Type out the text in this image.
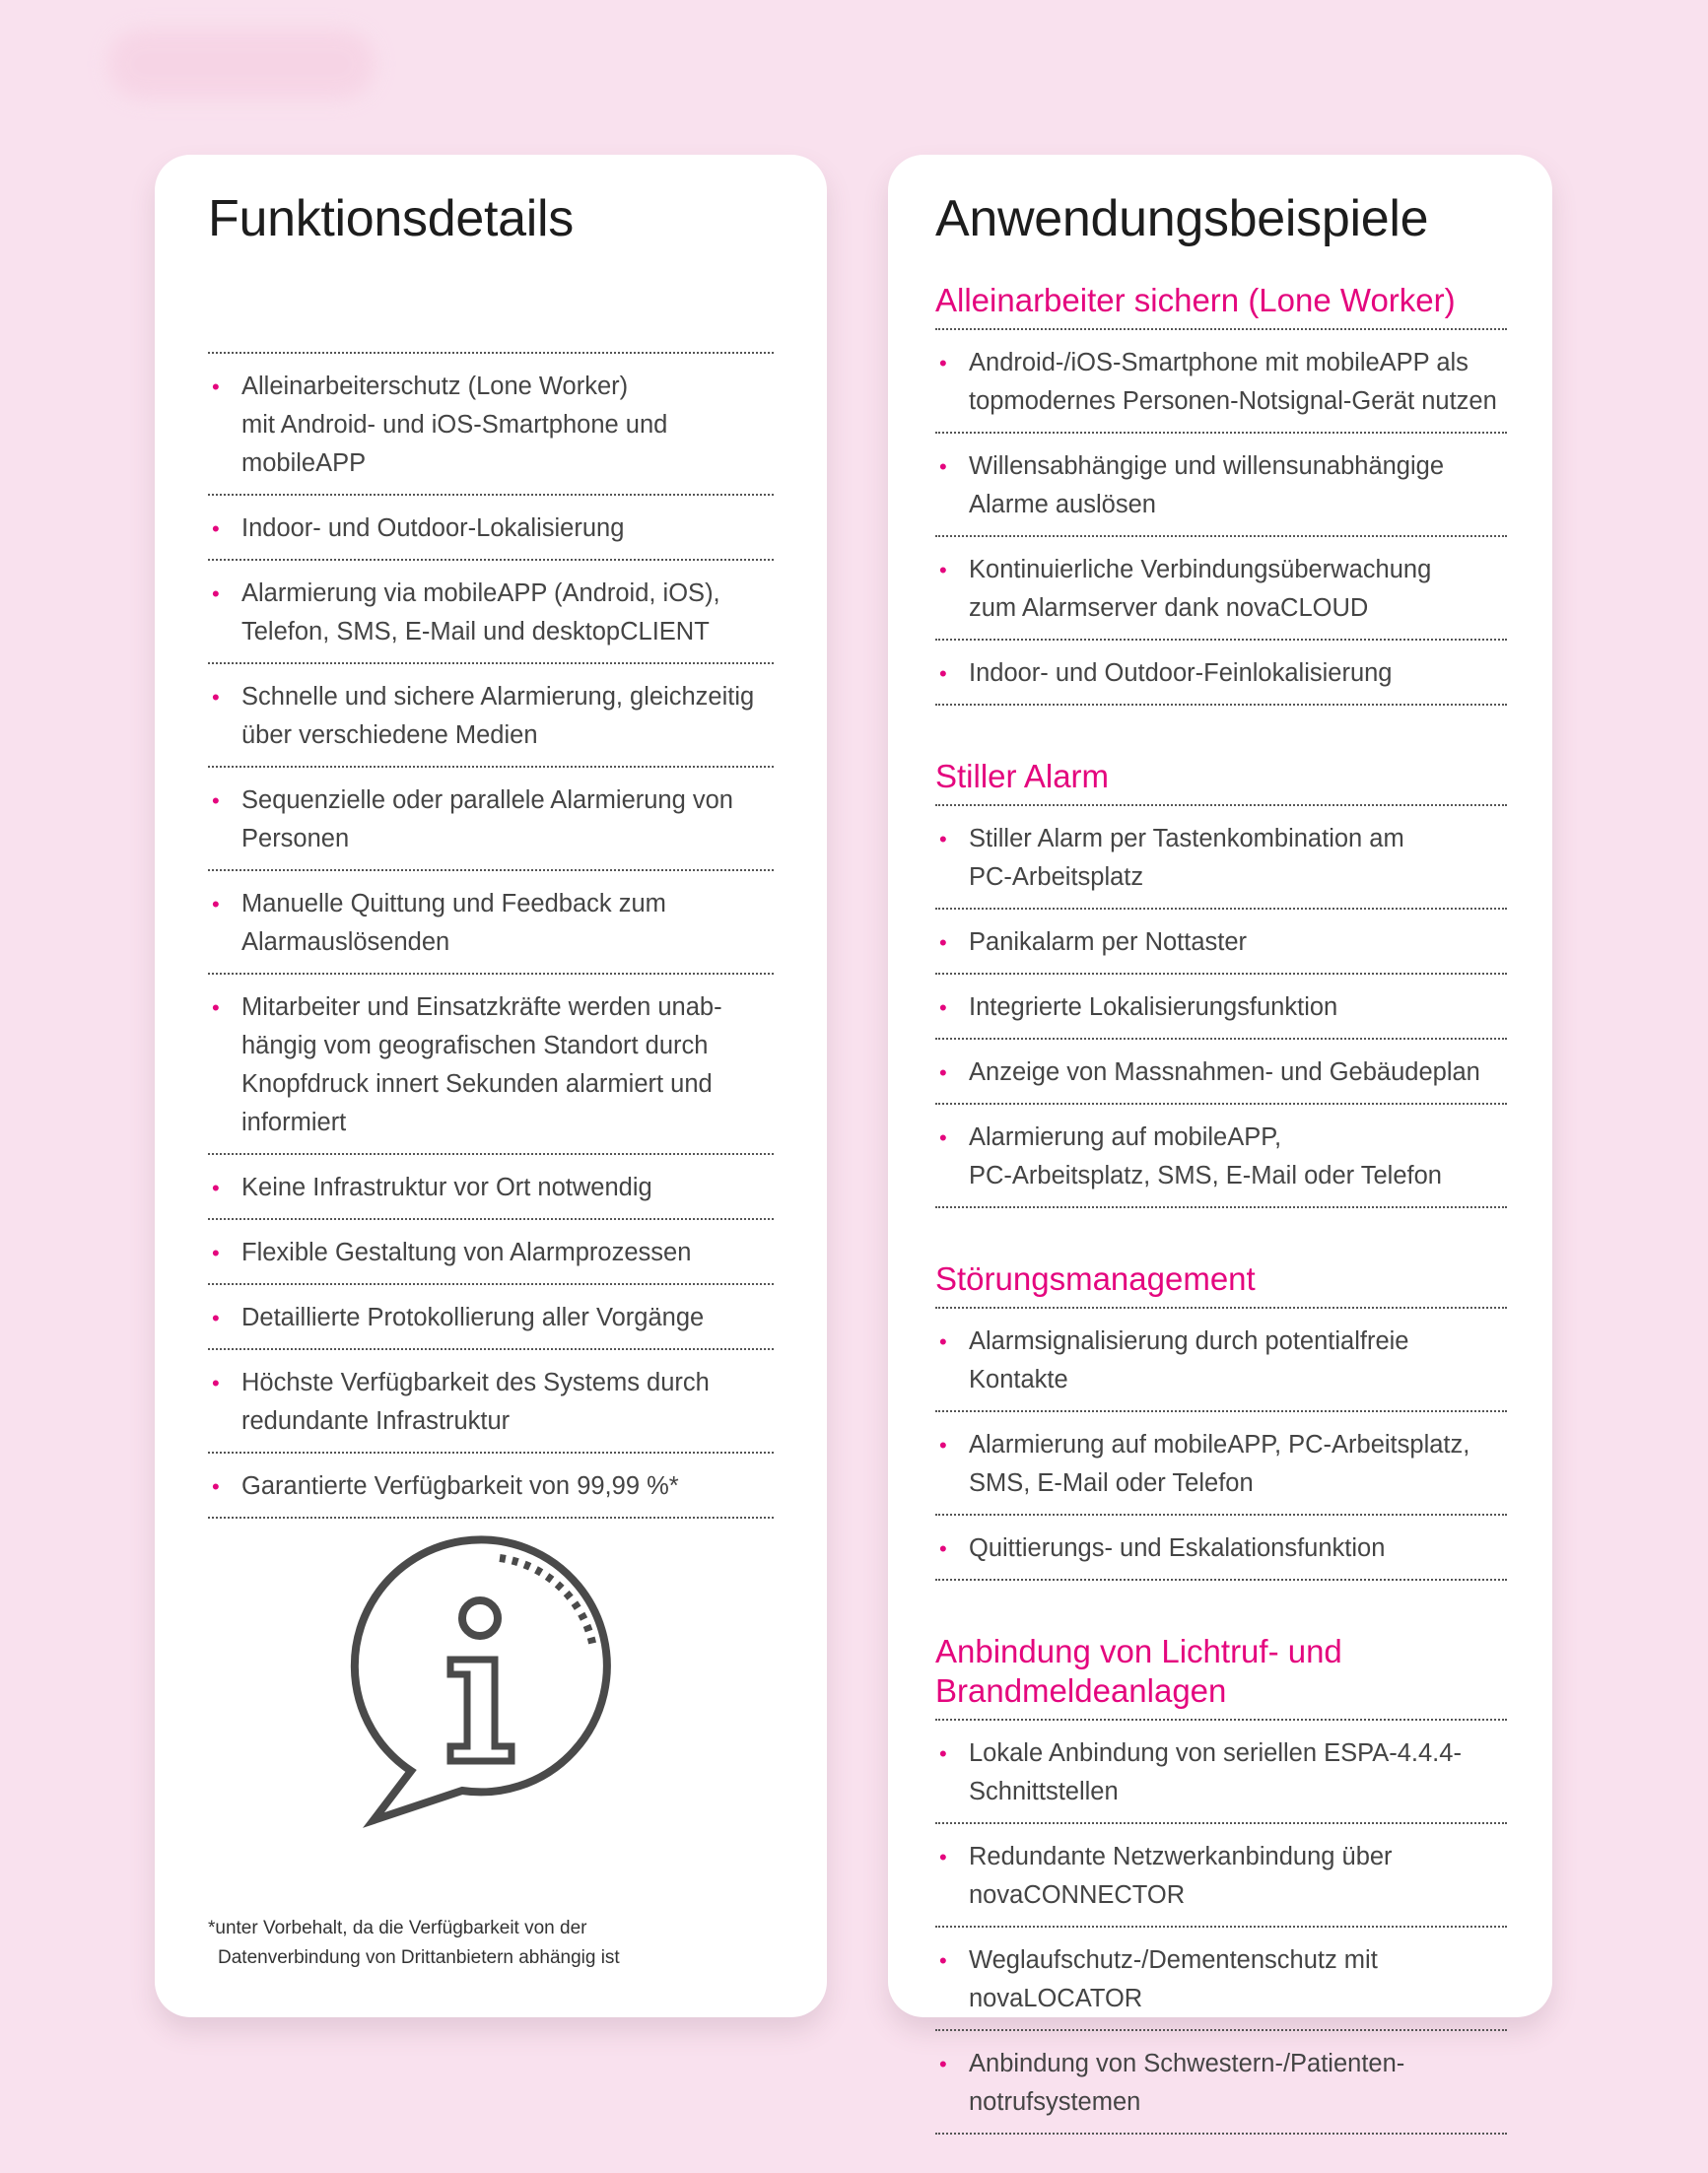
Funktionsdetails
• Alleinarbeiterschutz (Lone Worker)
mit Android- und iOS-Smartphone und
mobileAPP
• Indoor- und Outdoor-Lokalisierung
• Alarmierung via mobileAPP (Android, iOS),
Telefon, SMS, E-Mail und desktopCLIENT
• Schnelle und sichere Alarmierung, gleichzeitig
über verschiedene Medien
• Sequenzielle oder parallele Alarmierung von
Personen
• Manuelle Quittung und Feedback zum
Alarmauslösenden
• Mitarbeiter und Einsatzkräfte werden unab-
hängig vom geografischen Standort durch
Knopfdruck innert Sekunden alarmiert und
informiert
• Keine Infrastruktur vor Ort notwendig
• Flexible Gestaltung von Alarmprozessen
• Detaillierte Protokollierung aller Vorgänge
• Höchste Verfügbarkeit des Systems durch
redundante Infrastruktur
• Garantierte Verfügbarkeit von 99,99 %*
*unter Vorbehalt, da die Verfügbarkeit von der
Datenverbindung von Drittanbietern abhängig ist
Anwendungsbeispiele
Alleinarbeiter sichern (Lone Worker)
• Android-/iOS-Smartphone mit mobileAPP als
topmodernes Personen-Notsignal-Gerät nutzen
• Willensabhängige und willensunabhängige
Alarme auslösen
• Kontinuierliche Verbindungsüberwachung
zum Alarmserver dank novaCLOUD
• Indoor- und Outdoor-Feinlokalisierung
Stiller Alarm
• Stiller Alarm per Tastenkombination am
PC-Arbeitsplatz
• Panikalarm per Nottaster
• Integrierte Lokalisierungsfunktion
• Anzeige von Massnahmen- und Gebäudeplan
• Alarmierung auf mobileAPP,
PC-Arbeitsplatz, SMS, E-Mail oder Telefon
Störungsmanagement
• Alarmsignalisierung durch potentialfreie
Kontakte
• Alarmierung auf mobileAPP, PC-Arbeitsplatz,
SMS, E-Mail oder Telefon
• Quittierungs- und Eskalationsfunktion
Anbindung von Lichtruf- und
Brandmeldeanlagen
• Lokale Anbindung von seriellen ESPA-4.4.4-
Schnittstellen
• Redundante Netzwerkanbindung über
novaCONNECTOR
• Weglaufschutz-/Dementenschutz mit
novaLOCATOR
• Anbindung von Schwestern-/Patienten-
notrufsystemen
